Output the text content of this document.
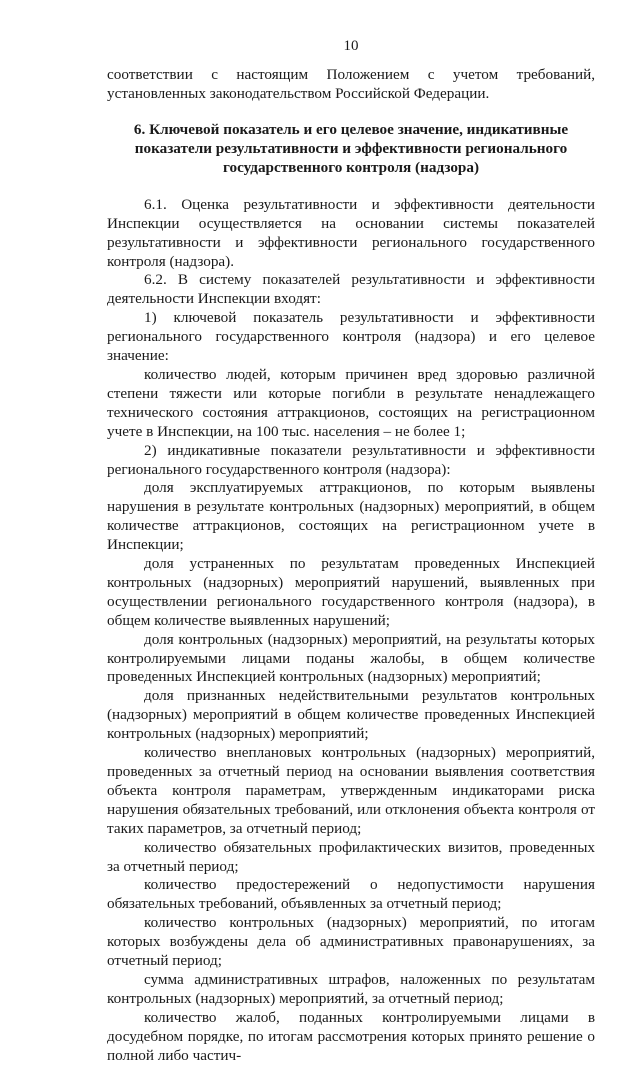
10

соответствии с настоящим Положением с учетом требований, установленных законодательством Российской Федерации.

6. Ключевой показатель и его целевое значение, индикативные показатели результативности и эффективности регионального государственного контроля (надзора)

6.1. Оценка результативности и эффективности деятельности Инспекции осуществляется на основании системы показателей результативности и эффективности регионального государственного контроля (надзора).

6.2. В систему показателей результативности и эффективности деятельности Инспекции входят:

1) ключевой показатель результативности и эффективности регионального государственного контроля (надзора) и его целевое значение:

количество людей, которым причинен вред здоровью различной степени тяжести или которые погибли в результате ненадлежащего технического состояния аттракционов, состоящих на регистрационном учете в Инспекции, на 100 тыс. населения – не более 1;

2) индикативные показатели результативности и эффективности регионального государственного контроля (надзора):

доля эксплуатируемых аттракционов, по которым выявлены нарушения в результате контрольных (надзорных) мероприятий, в общем количестве аттракционов, состоящих на регистрационном учете в Инспекции;

доля устраненных по результатам проведенных Инспекцией контрольных (надзорных) мероприятий нарушений, выявленных при осуществлении регионального государственного контроля (надзора), в общем количестве выявленных нарушений;

доля контрольных (надзорных) мероприятий, на результаты которых контролируемыми лицами поданы жалобы, в общем количестве проведенных Инспекцией контрольных (надзорных) мероприятий;

доля признанных недействительными результатов контрольных (надзорных) мероприятий в общем количестве проведенных Инспекцией контрольных (надзорных) мероприятий;

количество внеплановых контрольных (надзорных) мероприятий, проведенных за отчетный период на основании выявления соответствия объекта контроля параметрам, утвержденным индикаторами риска нарушения обязательных требований, или отклонения объекта контроля от таких параметров, за отчетный период;

количество обязательных профилактических визитов, проведенных за отчетный период;

количество предостережений о недопустимости нарушения обязательных требований, объявленных за отчетный период;

количество контрольных (надзорных) мероприятий, по итогам которых возбуждены дела об административных правонарушениях, за отчетный период;

сумма административных штрафов, наложенных по результатам контрольных (надзорных) мероприятий, за отчетный период;

количество жалоб, поданных контролируемыми лицами в досудебном порядке, по итогам рассмотрения которых принято решение о полной либо частич-
